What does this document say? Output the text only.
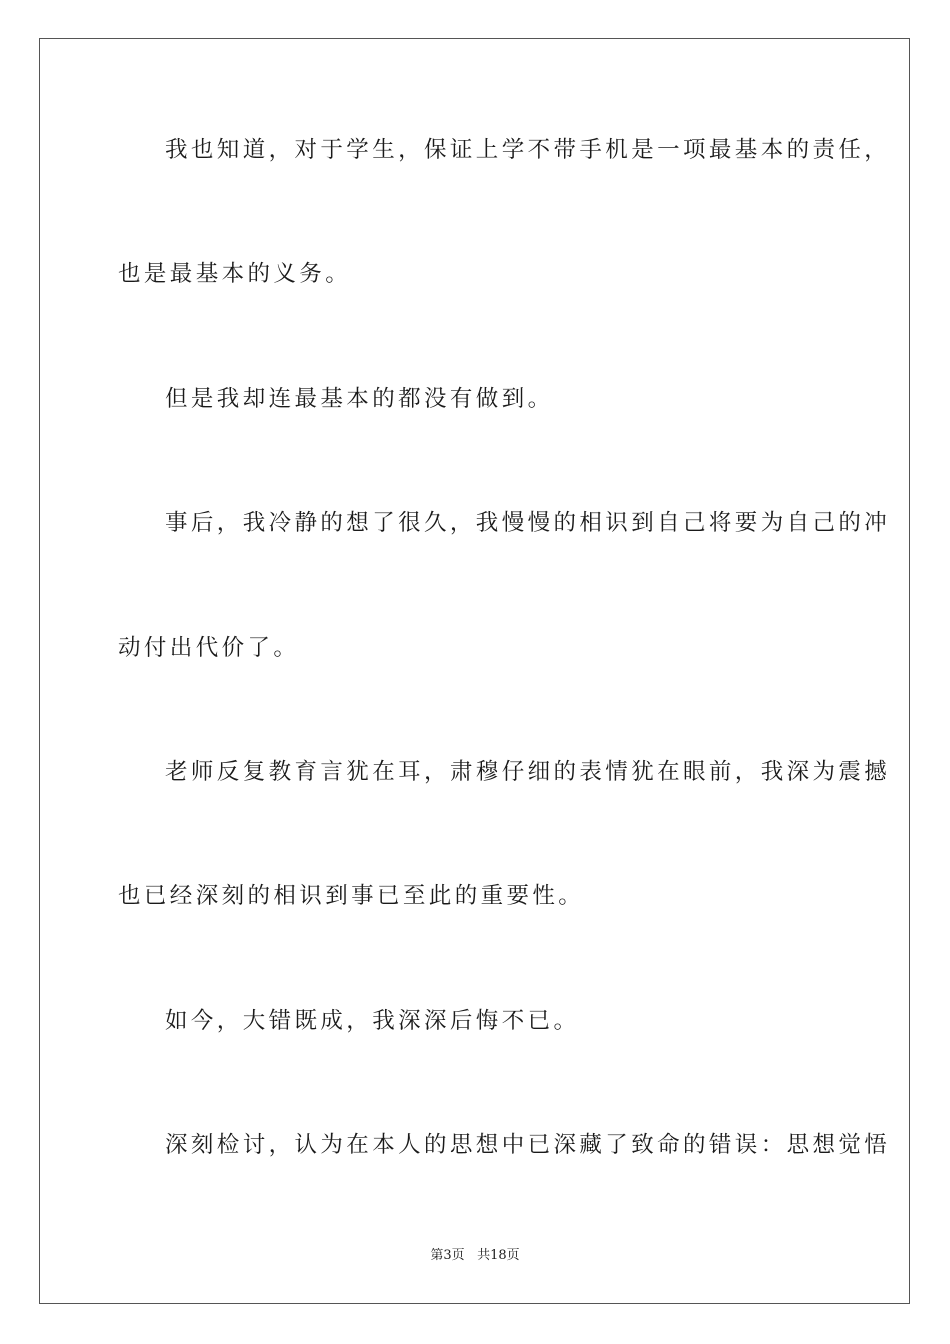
我也知道，对于学生，保证上学不带手机是一项最基本的责任，
也是最基本的义务。
但是我却连最基本的都没有做到。
事后，我冷静的想了很久，我慢慢的相识到自己将要为自己的冲
动付出代价了。
老师反复教育言犹在耳，肃穆仔细的表情犹在眼前，我深为震撼
也已经深刻的相识到事已至此的重要性。
如今，大错既成，我深深后悔不已。
深刻检讨，认为在本人的思想中已深藏了致命的错误：思想觉悟
第3页 共18页
